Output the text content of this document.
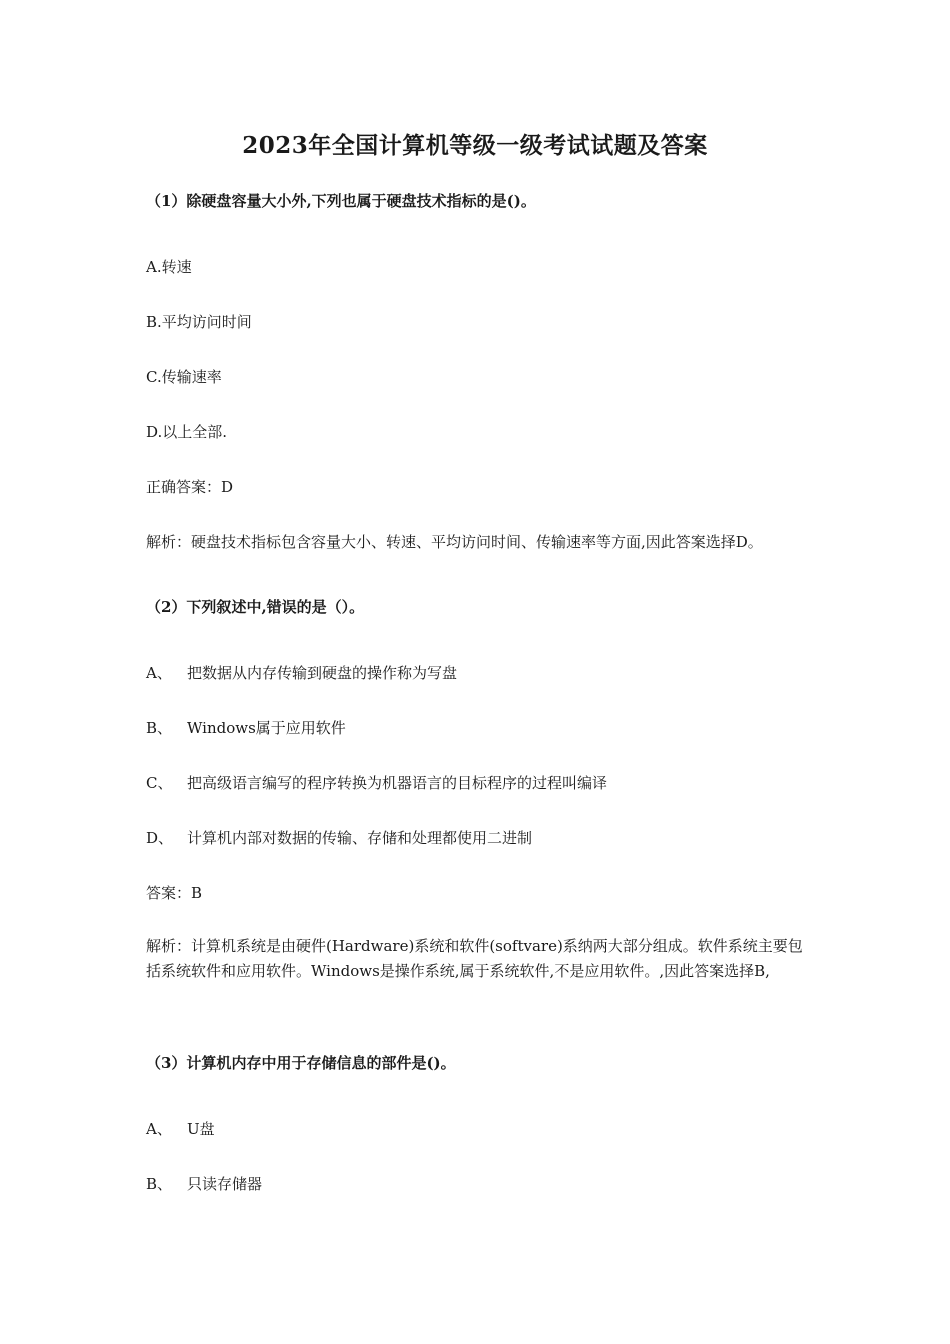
2023年全国计算机等级一级考试试题及答案
（1）除硬盘容量大小外,下列也属于硬盘技术指标的是()。
A.转速
B.平均访问时间
C.传输速率
D.以上全部.
正确答案：D
解析：硬盘技术指标包含容量大小、转速、平均访问时间、传输速率等方面,因此答案选择D。
（2）下列叙述中,错误的是（）。
A、 把数据从内存传输到硬盘的操作称为写盘
B、 Windows属于应用软件
C、 把高级语言编写的程序转换为机器语言的目标程序的过程叫编译
D、 计算机内部对数据的传输、存储和处理都使用二进制
答案：B
解析：计算机系统是由硬件(Hardware)系统和软件(softvare)系纳两大部分组成。软件系统主要包括系统软件和应用软件。Windows是操作系统,属于系统软件,不是应用软件。,因此答案选择B,
（3）计算机内存中用于存储信息的部件是()。
A、 U盘
B、 只读存储器
